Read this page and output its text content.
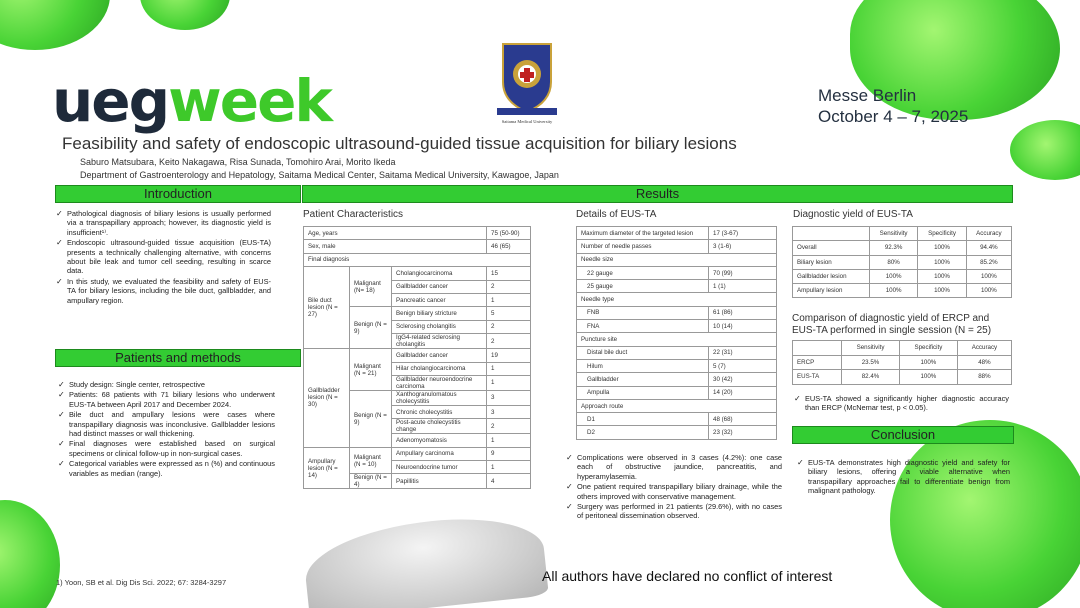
uegweek	Saitama Medical University
Messe Berlin
October 4 – 7, 2025
Feasibility and safety of endoscopic ultrasound-guided tissue acquisition for biliary lesions
Saburo Matsubara, Keito Nakagawa, Risa Sunada, Tomohiro Arai, Morito Ikeda
Department of Gastroenterology and Hepatology, Saitama Medical Center, Saitama Medical University, Kawagoe, Japan
Introduction
✓ Pathological diagnosis of biliary lesions is usually performed via a transpapillary approach; however, its diagnostic yield is insufficient¹⁾.
✓ Endoscopic ultrasound-guided tissue acquisition (EUS-TA) presents a technically challenging alternative, with concerns about bile leak and tumor cell seeding, resulting in scarce data.
✓ In this study, we evaluated the feasibility and safety of EUS-TA for biliary lesions, including the bile duct, gallbladder, and ampullary region.
Patients and methods
✓ Study design: Single center, retrospective
✓ Patients: 68 patients with 71 biliary lesions who underwent EUS-TA between April 2017 and December 2024.
✓ Bile duct and ampullary lesions were cases where transpapillary diagnosis was inconclusive. Gallbladder lesions had distinct masses or wall thickening.
✓ Final diagnoses were established based on surgical specimens or clinical follow-up in non-surgical cases.
✓ Categorical variables were expressed as n (%) and continuous variables as median (range).
Results
Patient Characteristics
Age, years			75 (50-90)
Sex, male			46 (65)
Final diagnosis			
Bile duct lesion (N = 27)	Malignant (N= 18)	Cholangiocarcinoma	15
		Gallbladder cancer	2
		Pancreatic cancer	1
	Benign (N = 9)	Benign biliary stricture	5
		Sclerosing cholangitis	2
		IgG4-related sclerosing cholangitis	2
Gallbladder lesion (N = 30)	Malignant (N = 21)	Gallbladder cancer	19
		Hilar cholangiocarcinoma	1
		Gallbladder neuroendocrine carcinoma	1
	Benign (N = 9)	Xanthogranulomatous cholecystitis	3
		Chronic cholecystitis	3
		Post-acute cholecystitis change	2
		Adenomyomatosis	1
Ampullary lesion (N = 14)	Malignant (N = 10)	Ampullary carcinoma	9
		Neuroendocrine tumor	1
	Benign (N = 4)	Papillitis	4
Details of EUS-TA
Maximum diameter of the targeted lesion	17 (3-67)
Number of needle passes	3 (1-6)
Needle size	
22 gauge	70 (99)
25 gauge	1 (1)
Needle type	
FNB	61 (86)
FNA	10 (14)
Puncture site	
Distal bile duct	22 (31)
Hilum	5 (7)
Gallbladder	30 (42)
Ampulla	14 (20)
Approach route	
D1	48 (68)
D2	23 (32)
✓ Complications were observed in 3 cases (4.2%): one case each of obstructive jaundice, pancreatitis, and hyperamylasemia.
✓ One patient required transpapillary biliary drainage, while the others improved with conservative management.
✓ Surgery was performed in 21 patients (29.6%), with no cases of peritoneal dissemination observed.
Diagnostic yield of EUS-TA
	Sensitivity	Specificity	Accuracy
Overall	92.3%	100%	94.4%
Biliary lesion	80%	100%	85.2%
Gallbladder lesion	100%	100%	100%
Ampullary lesion	100%	100%	100%
Comparison of diagnostic yield of ERCP and EUS-TA performed in single session (N = 25)
	Sensitivity	Specificity	Accuracy
ERCP	23.5%	100%	48%
EUS-TA	82.4%	100%	88%
✓ EUS-TA showed a significantly higher diagnostic accuracy than ERCP (McNemar test, p < 0.05).
Conclusion
✓ EUS-TA demonstrates high diagnostic yield and safety for biliary lesions, offering a viable alternative when transpapillary approaches fail to differentiate benign from malignant pathology.
1) Yoon, SB et al. Dig Dis Sci. 2022; 67: 3284-3297	All authors have declared no conflict of interest
